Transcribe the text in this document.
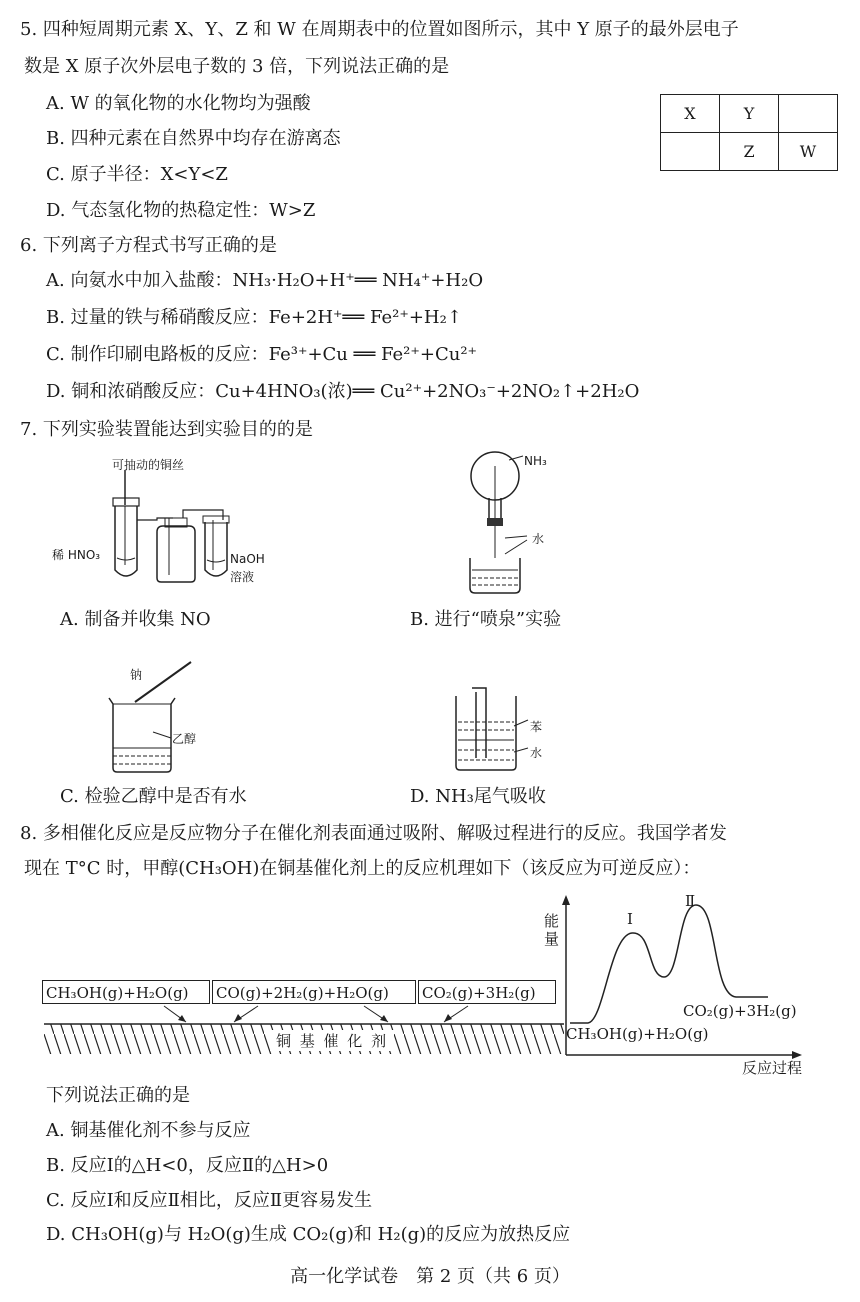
5. 四种短周期元素 X、Y、Z 和 W 在周期表中的位置如图所示，其中 Y 原子的最外层电子
数是 X 原子次外层电子数的 3 倍，下列说法正确的是
A. W 的氧化物的水化物均为强酸
B. 四种元素在自然界中均存在游离态
C. 原子半径：X<Y<Z
D. 气态氢化物的热稳定性：W>Z
X	Y	
	Z	W
6. 下列离子方程式书写正确的是
A. 向氨水中加入盐酸：NH₃·H₂O+H⁺══ NH₄⁺+H₂O
B. 过量的铁与稀硝酸反应：Fe+2H⁺══ Fe²⁺+H₂↑
C. 制作印刷电路板的反应：Fe³⁺+Cu ══ Fe²⁺+Cu²⁺
D. 铜和浓硝酸反应：Cu+4HNO₃(浓)══ Cu²⁺+2NO₃⁻+2NO₂↑+2H₂O
7. 下列实验装置能达到实验目的的是
可抽动的铜丝
稀 HNO₃	NaOH
溶液
A. 制备并收集 NO
NH₃
水
B. 进行“喷泉”实验
钠
乙醇
C. 检验乙醇中是否有水
苯
水
D. NH₃尾气吸收
8. 多相催化反应是反应物分子在催化剂表面通过吸附、解吸过程进行的反应。我国学者发
现在 T°C 时，甲醇(CH₃OH)在铜基催化剂上的反应机理如下（该反应为可逆反应）：
CH₃OH(g)+H₂O(g)	CO(g)+2H₂(g)+H₂O(g)	CO₂(g)+3H₂(g)
铜 基 催 化 剂
能量
反应过程
Ⅰ
Ⅱ
CH₃OH(g)+H₂O(g)
CO₂(g)+3H₂(g)
下列说法正确的是
A. 铜基催化剂不参与反应
B. 反应Ⅰ的△H<0，反应Ⅱ的△H>0
C. 反应Ⅰ和反应Ⅱ相比，反应Ⅱ更容易发生
D. CH₃OH(g)与 H₂O(g)生成 CO₂(g)和 H₂(g)的反应为放热反应
高一化学试卷　第 2 页（共 6 页）
